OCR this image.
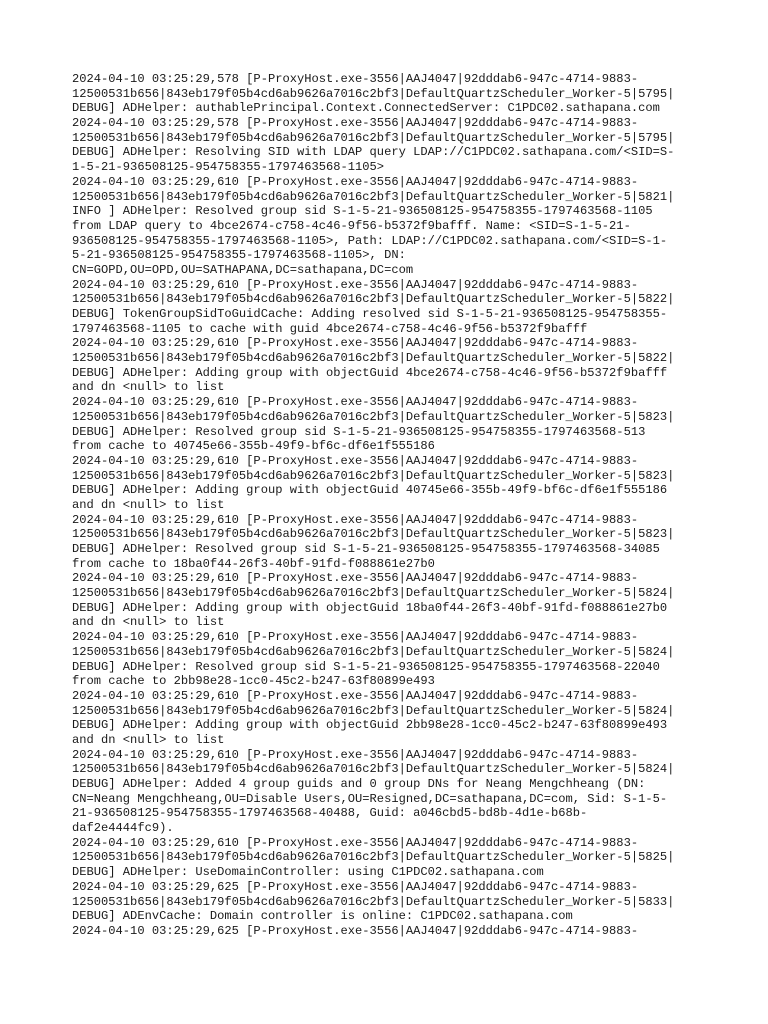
2024-04-10 03:25:29,578 [P-ProxyHost.exe-3556|AAJ4047|92dddab6-947c-4714-9883-
12500531b656|843eb179f05b4cd6ab9626a7016c2bf3|DefaultQuartzScheduler_Worker-5|5795|
DEBUG] ADHelper: authablePrincipal.Context.ConnectedServer: C1PDC02.sathapana.com
2024-04-10 03:25:29,578 [P-ProxyHost.exe-3556|AAJ4047|92dddab6-947c-4714-9883-
12500531b656|843eb179f05b4cd6ab9626a7016c2bf3|DefaultQuartzScheduler_Worker-5|5795|
DEBUG] ADHelper: Resolving SID with LDAP query LDAP://C1PDC02.sathapana.com/<SID=S-
1-5-21-936508125-954758355-1797463568-1105>
2024-04-10 03:25:29,610 [P-ProxyHost.exe-3556|AAJ4047|92dddab6-947c-4714-9883-
12500531b656|843eb179f05b4cd6ab9626a7016c2bf3|DefaultQuartzScheduler_Worker-5|5821|
INFO ] ADHelper: Resolved group sid S-1-5-21-936508125-954758355-1797463568-1105
from LDAP query to 4bce2674-c758-4c46-9f56-b5372f9bafff. Name: <SID=S-1-5-21-
936508125-954758355-1797463568-1105>, Path: LDAP://C1PDC02.sathapana.com/<SID=S-1-
5-21-936508125-954758355-1797463568-1105>, DN:
CN=GOPD,OU=OPD,OU=SATHAPANA,DC=sathapana,DC=com
2024-04-10 03:25:29,610 [P-ProxyHost.exe-3556|AAJ4047|92dddab6-947c-4714-9883-
12500531b656|843eb179f05b4cd6ab9626a7016c2bf3|DefaultQuartzScheduler_Worker-5|5822|
DEBUG] TokenGroupSidToGuidCache: Adding resolved sid S-1-5-21-936508125-954758355-
1797463568-1105 to cache with guid 4bce2674-c758-4c46-9f56-b5372f9bafff
2024-04-10 03:25:29,610 [P-ProxyHost.exe-3556|AAJ4047|92dddab6-947c-4714-9883-
12500531b656|843eb179f05b4cd6ab9626a7016c2bf3|DefaultQuartzScheduler_Worker-5|5822|
DEBUG] ADHelper: Adding group with objectGuid 4bce2674-c758-4c46-9f56-b5372f9bafff
and dn <null> to list
2024-04-10 03:25:29,610 [P-ProxyHost.exe-3556|AAJ4047|92dddab6-947c-4714-9883-
12500531b656|843eb179f05b4cd6ab9626a7016c2bf3|DefaultQuartzScheduler_Worker-5|5823|
DEBUG] ADHelper: Resolved group sid S-1-5-21-936508125-954758355-1797463568-513
from cache to 40745e66-355b-49f9-bf6c-df6e1f555186
2024-04-10 03:25:29,610 [P-ProxyHost.exe-3556|AAJ4047|92dddab6-947c-4714-9883-
12500531b656|843eb179f05b4cd6ab9626a7016c2bf3|DefaultQuartzScheduler_Worker-5|5823|
DEBUG] ADHelper: Adding group with objectGuid 40745e66-355b-49f9-bf6c-df6e1f555186
and dn <null> to list
2024-04-10 03:25:29,610 [P-ProxyHost.exe-3556|AAJ4047|92dddab6-947c-4714-9883-
12500531b656|843eb179f05b4cd6ab9626a7016c2bf3|DefaultQuartzScheduler_Worker-5|5823|
DEBUG] ADHelper: Resolved group sid S-1-5-21-936508125-954758355-1797463568-34085
from cache to 18ba0f44-26f3-40bf-91fd-f088861e27b0
2024-04-10 03:25:29,610 [P-ProxyHost.exe-3556|AAJ4047|92dddab6-947c-4714-9883-
12500531b656|843eb179f05b4cd6ab9626a7016c2bf3|DefaultQuartzScheduler_Worker-5|5824|
DEBUG] ADHelper: Adding group with objectGuid 18ba0f44-26f3-40bf-91fd-f088861e27b0
and dn <null> to list
2024-04-10 03:25:29,610 [P-ProxyHost.exe-3556|AAJ4047|92dddab6-947c-4714-9883-
12500531b656|843eb179f05b4cd6ab9626a7016c2bf3|DefaultQuartzScheduler_Worker-5|5824|
DEBUG] ADHelper: Resolved group sid S-1-5-21-936508125-954758355-1797463568-22040
from cache to 2bb98e28-1cc0-45c2-b247-63f80899e493
2024-04-10 03:25:29,610 [P-ProxyHost.exe-3556|AAJ4047|92dddab6-947c-4714-9883-
12500531b656|843eb179f05b4cd6ab9626a7016c2bf3|DefaultQuartzScheduler_Worker-5|5824|
DEBUG] ADHelper: Adding group with objectGuid 2bb98e28-1cc0-45c2-b247-63f80899e493
and dn <null> to list
2024-04-10 03:25:29,610 [P-ProxyHost.exe-3556|AAJ4047|92dddab6-947c-4714-9883-
12500531b656|843eb179f05b4cd6ab9626a7016c2bf3|DefaultQuartzScheduler_Worker-5|5824|
DEBUG] ADHelper: Added 4 group guids and 0 group DNs for Neang Mengchheang (DN:
CN=Neang Mengchheang,OU=Disable Users,OU=Resigned,DC=sathapana,DC=com, Sid: S-1-5-
21-936508125-954758355-1797463568-40488, Guid: a046cbd5-bd8b-4d1e-b68b-
daf2e4444fc9).
2024-04-10 03:25:29,610 [P-ProxyHost.exe-3556|AAJ4047|92dddab6-947c-4714-9883-
12500531b656|843eb179f05b4cd6ab9626a7016c2bf3|DefaultQuartzScheduler_Worker-5|5825|
DEBUG] ADHelper: UseDomainController: using C1PDC02.sathapana.com
2024-04-10 03:25:29,625 [P-ProxyHost.exe-3556|AAJ4047|92dddab6-947c-4714-9883-
12500531b656|843eb179f05b4cd6ab9626a7016c2bf3|DefaultQuartzScheduler_Worker-5|5833|
DEBUG] ADEnvCache: Domain controller is online: C1PDC02.sathapana.com
2024-04-10 03:25:29,625 [P-ProxyHost.exe-3556|AAJ4047|92dddab6-947c-4714-9883-
